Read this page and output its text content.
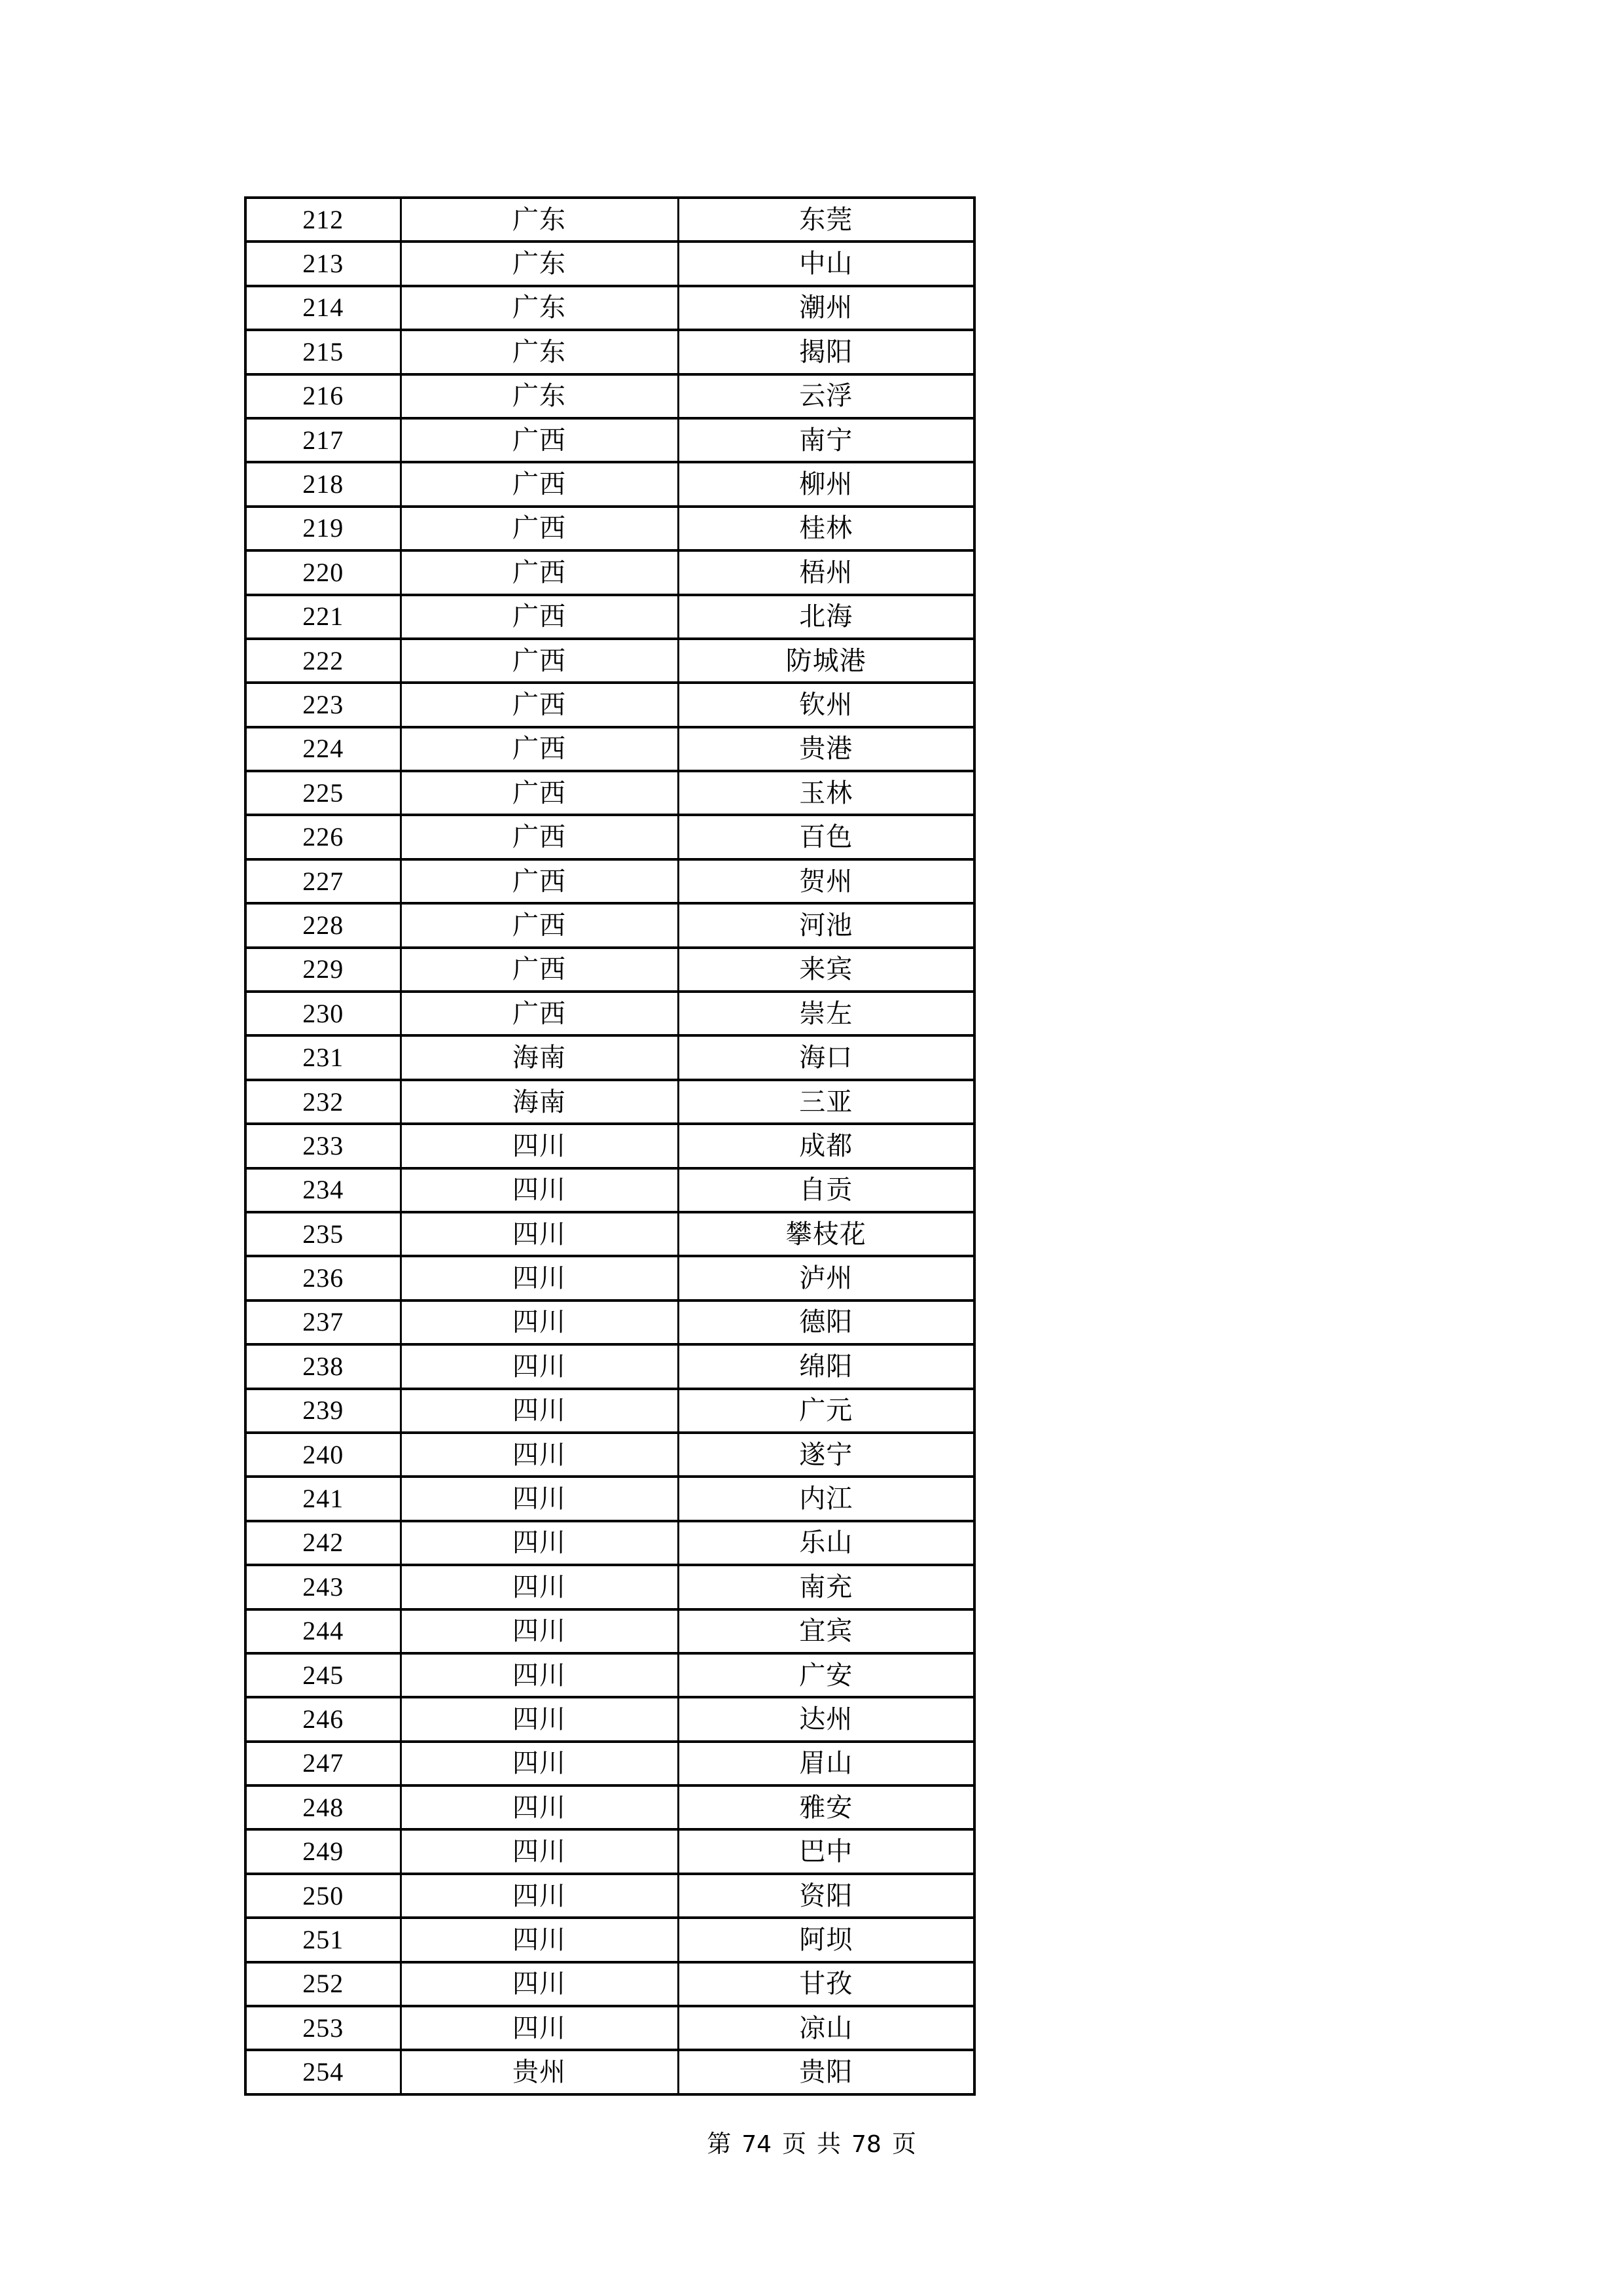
212	广东	东莞
213	广东	中山
214	广东	潮州
215	广东	揭阳
216	广东	云浮
217	广西	南宁
218	广西	柳州
219	广西	桂林
220	广西	梧州
221	广西	北海
222	广西	防城港
223	广西	钦州
224	广西	贵港
225	广西	玉林
226	广西	百色
227	广西	贺州
228	广西	河池
229	广西	来宾
230	广西	崇左
231	海南	海口
232	海南	三亚
233	四川	成都
234	四川	自贡
235	四川	攀枝花
236	四川	泸州
237	四川	德阳
238	四川	绵阳
239	四川	广元
240	四川	遂宁
241	四川	内江
242	四川	乐山
243	四川	南充
244	四川	宜宾
245	四川	广安
246	四川	达州
247	四川	眉山
248	四川	雅安
249	四川	巴中
250	四川	资阳
251	四川	阿坝
252	四川	甘孜
253	四川	凉山
254	贵州	贵阳
第 74 页 共 78 页
